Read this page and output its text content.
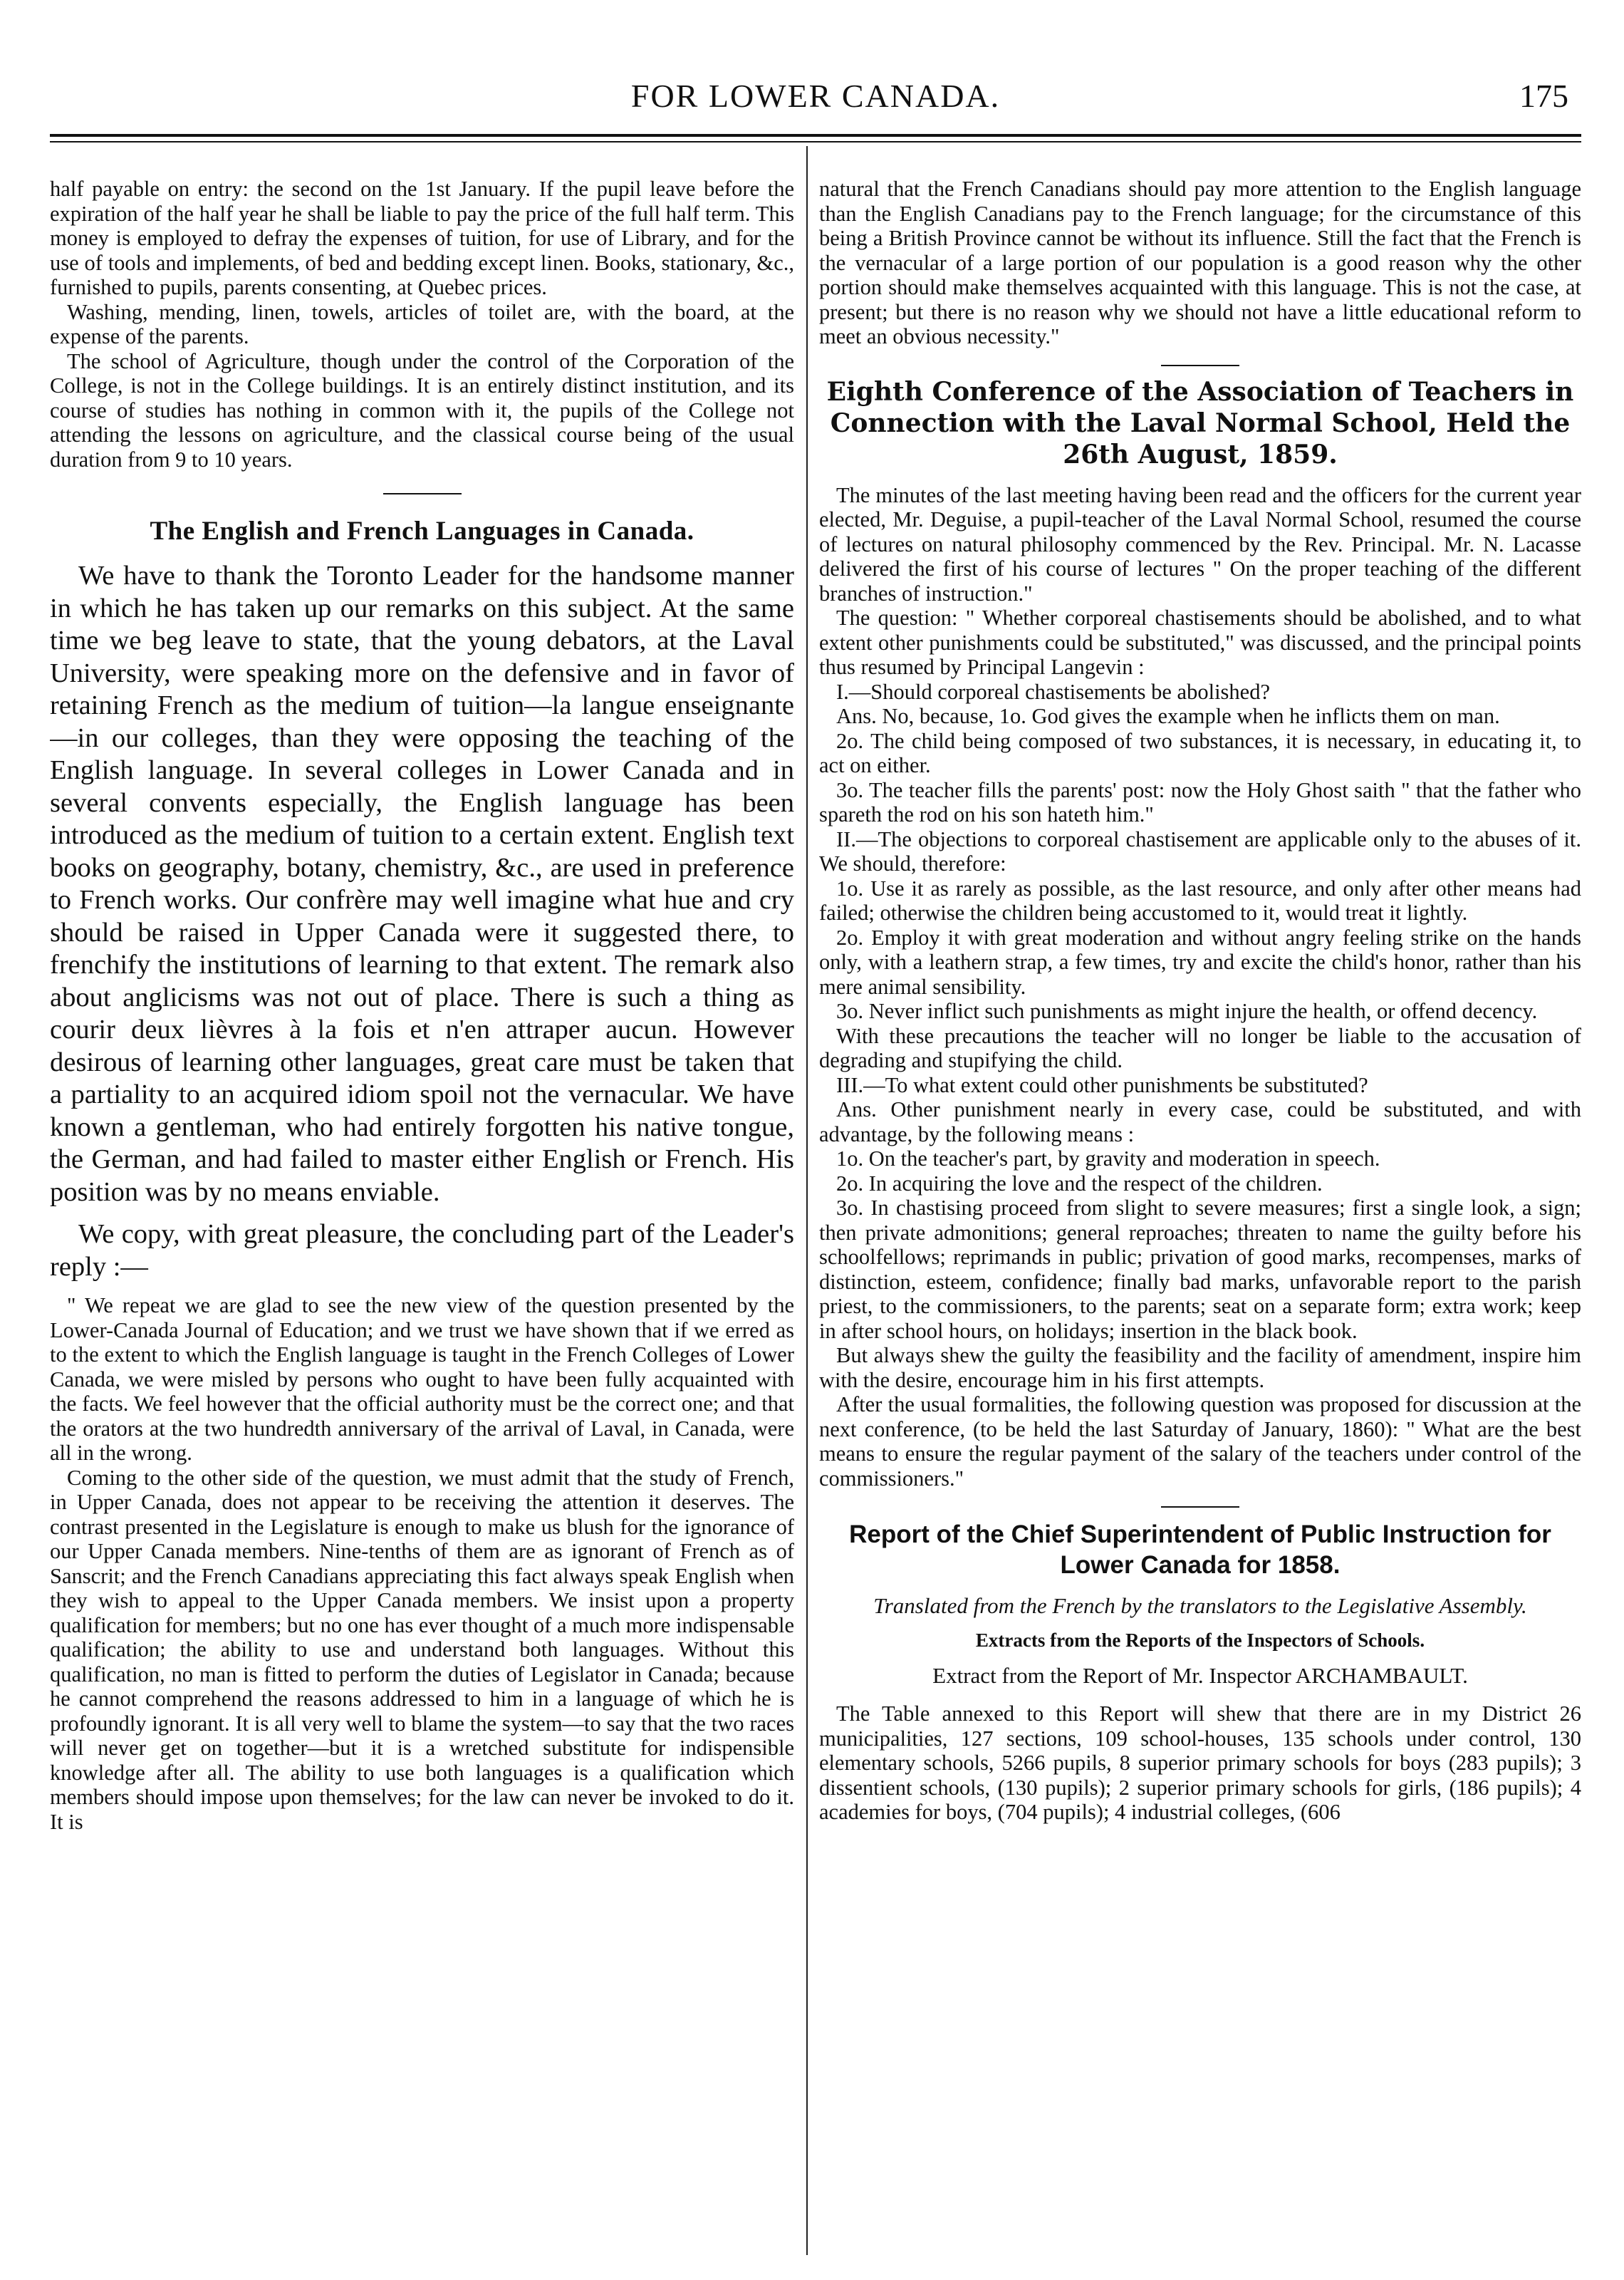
FOR LOWER CANADA.	175

half payable on entry: the second on the 1st January. If the pupil leave before the expiration of the half year he shall be liable to pay the price of the full half term. This money is employed to defray the expenses of tuition, for use of Library, and for the use of tools and implements, of bed and bedding except linen. Books, stationary, &c., furnished to pupils, parents consenting, at Quebec prices.

Washing, mending, linen, towels, articles of toilet are, with the board, at the expense of the parents.

The school of Agriculture, though under the control of the Corporation of the College, is not in the College buildings. It is an entirely distinct institution, and its course of studies has nothing in common with it, the pupils of the College not attending the lessons on agriculture, and the classical course being of the usual duration from 9 to 10 years.

The English and French Languages in Canada.

We have to thank the Toronto Leader for the handsome manner in which he has taken up our remarks on this subject. At the same time we beg leave to state, that the young debators, at the Laval University, were speaking more on the defensive and in favor of retaining French as the medium of tuition—la langue enseignante—in our colleges, than they were opposing the teaching of the English language. In several colleges in Lower Canada and in several convents especially, the English language has been introduced as the medium of tuition to a certain extent. English text books on geography, botany, chemistry, &c., are used in preference to French works. Our confrère may well imagine what hue and cry should be raised in Upper Canada were it suggested there, to frenchify the institutions of learning to that extent. The remark also about anglicisms was not out of place. There is such a thing as courir deux lièvres à la fois et n'en attraper aucun. However desirous of learning other languages, great care must be taken that a partiality to an acquired idiom spoil not the vernacular. We have known a gentleman, who had entirely forgotten his native tongue, the German, and had failed to master either English or French. His position was by no means enviable.

We copy, with great pleasure, the concluding part of the Leader's reply :—

" We repeat we are glad to see the new view of the question presented by the Lower-Canada Journal of Education; and we trust we have shown that if we erred as to the extent to which the English language is taught in the French Colleges of Lower Canada, we were misled by persons who ought to have been fully acquainted with the facts. We feel however that the official authority must be the correct one; and that the orators at the two hundredth anniversary of the arrival of Laval, in Canada, were all in the wrong.

Coming to the other side of the question, we must admit that the study of French, in Upper Canada, does not appear to be receiving the attention it deserves. The contrast presented in the Legislature is enough to make us blush for the ignorance of our Upper Canada members. Nine-tenths of them are as ignorant of French as of Sanscrit; and the French Canadians appreciating this fact always speak English when they wish to appeal to the Upper Canada members. We insist upon a property qualification for members; but no one has ever thought of a much more indispensable qualification; the ability to use and understand both languages. Without this qualification, no man is fitted to perform the duties of Legislator in Canada; because he cannot comprehend the reasons addressed to him in a language of which he is profoundly ignorant. It is all very well to blame the system—to say that the two races will never get on together—but it is a wretched substitute for indispensible knowledge after all. The ability to use both languages is a qualification which members should impose upon themselves; for the law can never be invoked to do it. It is

natural that the French Canadians should pay more attention to the English language than the English Canadians pay to the French language; for the circumstance of this being a British Province cannot be without its influence. Still the fact that the French is the vernacular of a large portion of our population is a good reason why the other portion should make themselves acquainted with this language. This is not the case, at present; but there is no reason why we should not have a little educational reform to meet an obvious necessity."

Eighth Conference of the Association of Teachers in Connection with the Laval Normal School, Held the 26th August, 1859.

The minutes of the last meeting having been read and the officers for the current year elected, Mr. Deguise, a pupil-teacher of the Laval Normal School, resumed the course of lectures on natural philosophy commenced by the Rev. Principal. Mr. N. Lacasse delivered the first of his course of lectures " On the proper teaching of the different branches of instruction."

The question: " Whether corporeal chastisements should be abolished, and to what extent other punishments could be substituted," was discussed, and the principal points thus resumed by Principal Langevin :

I.—Should corporeal chastisements be abolished?

Ans. No, because, 1o. God gives the example when he inflicts them on man.

2o. The child being composed of two substances, it is necessary, in educating it, to act on either.

3o. The teacher fills the parents' post: now the Holy Ghost saith " that the father who spareth the rod on his son hateth him."

II.—The objections to corporeal chastisement are applicable only to the abuses of it. We should, therefore:

1o. Use it as rarely as possible, as the last resource, and only after other means had failed; otherwise the children being accustomed to it, would treat it lightly.

2o. Employ it with great moderation and without angry feeling strike on the hands only, with a leathern strap, a few times, try and excite the child's honor, rather than his mere animal sensibility.

3o. Never inflict such punishments as might injure the health, or offend decency.

With these precautions the teacher will no longer be liable to the accusation of degrading and stupifying the child.

III.—To what extent could other punishments be substituted?

Ans. Other punishment nearly in every case, could be substituted, and with advantage, by the following means :

1o. On the teacher's part, by gravity and moderation in speech.

2o. In acquiring the love and the respect of the children.

3o. In chastising proceed from slight to severe measures; first a single look, a sign; then private admonitions; general reproaches; threaten to name the guilty before his schoolfellows; reprimands in public; privation of good marks, recompenses, marks of distinction, esteem, confidence; finally bad marks, unfavorable report to the parish priest, to the commissioners, to the parents; seat on a separate form; extra work; keep in after school hours, on holidays; insertion in the black book.

But always shew the guilty the feasibility and the facility of amendment, inspire him with the desire, encourage him in his first attempts.

After the usual formalities, the following question was proposed for discussion at the next conference, (to be held the last Saturday of January, 1860): " What are the best means to ensure the regular payment of the salary of the teachers under control of the commissioners."

Report of the Chief Superintendent of Public Instruction for Lower Canada for 1858.
Translated from the French by the translators to the Legislative Assembly.
Extracts from the Reports of the Inspectors of Schools.
Extract from the Report of Mr. Inspector ARCHAMBAULT.

The Table annexed to this Report will shew that there are in my District 26 municipalities, 127 sections, 109 school-houses, 135 schools under control, 130 elementary schools, 5266 pupils, 8 superior primary schools for boys (283 pupils); 3 dissentient schools, (130 pupils); 2 superior primary schools for girls, (186 pupils); 4 academies for boys, (704 pupils); 4 industrial colleges, (606
